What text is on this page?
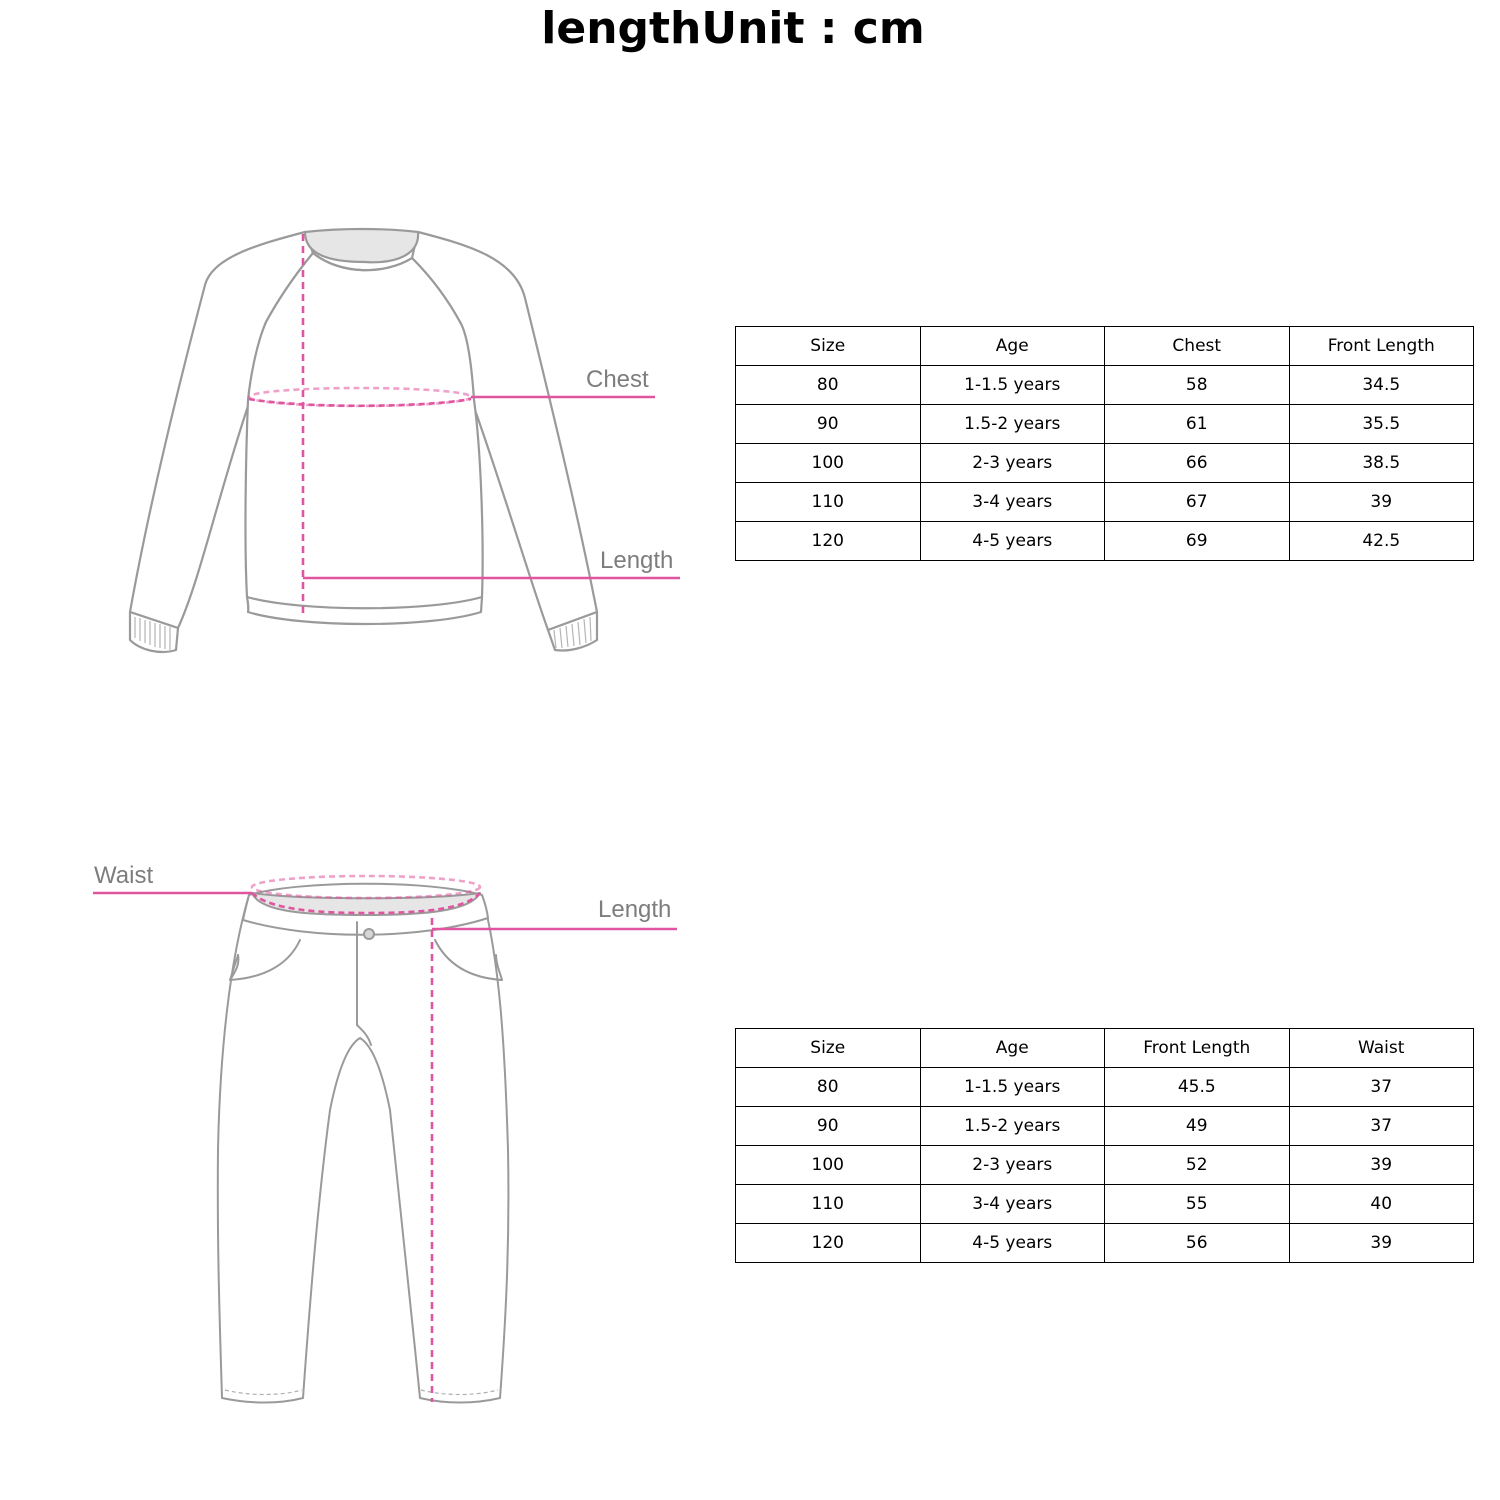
lengthUnit : cm
Chest
Length
Waist
Length
Size	Age	Chest	Front Length
80	1-1.5 years	58	34.5
90	1.5-2 years	61	35.5
100	2-3 years	66	38.5
110	3-4 years	67	39
120	4-5 years	69	42.5
Size	Age	Front Length	Waist
80	1-1.5 years	45.5	37
90	1.5-2 years	49	37
100	2-3 years	52	39
110	3-4 years	55	40
120	4-5 years	56	39
